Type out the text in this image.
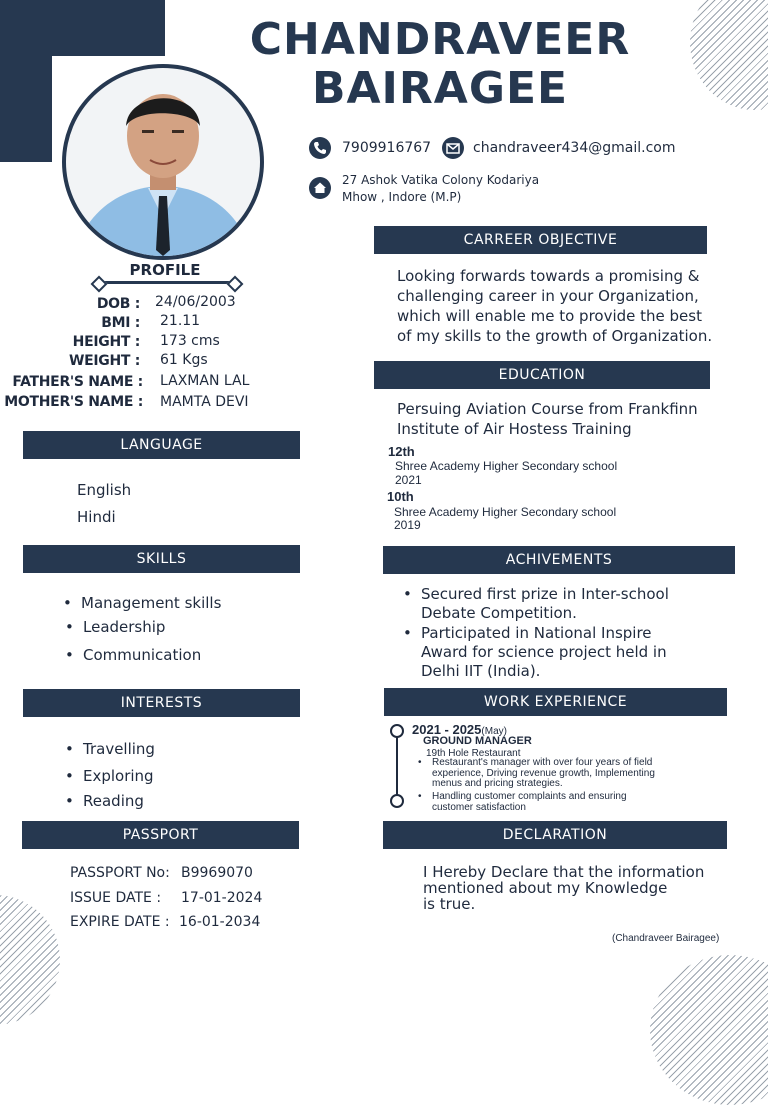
CHANDRAVEER
BAIRAGEE
7909916767	chandraveer434@gmail.com
27 Ashok Vatika Colony Kodariya
Mhow , Indore (M.P)
PROFILE
DOB : 24/06/2003
BMI : 21.11
HEIGHT : 173 cms
WEIGHT : 61 Kgs
FATHER'S NAME : LAXMAN LAL
MOTHER'S NAME : MAMTA DEVI
LANGUAGE
English
Hindi
SKILLS
• Management skills
• Leadership
• Communication
INTERESTS
• Travelling
• Exploring
• Reading
PASSPORT
PASSPORT No: B9969070
ISSUE DATE : 17-01-2024
EXPIRE DATE : 16-01-2034
CARREER OBJECTIVE
Looking forwards towards a promising &
challenging career in your Organization,
which will enable me to provide the best
of my skills to the growth of Organization.
EDUCATION
Persuing Aviation Course from Frankfinn
Institute of Air Hostess Training
12th
Shree Academy Higher Secondary school
2021
10th
Shree Academy Higher Secondary school
2019
ACHIVEMENTS
• Secured first prize in Inter-school
Debate Competition.
• Participated in National Inspire
Award for science project held in
Delhi IIT (India).
WORK EXPERIENCE
2021 - 2025(May)
GROUND MANAGER
19th Hole Restaurant
• Restaurant's manager with over four years of field
experience, Driving revenue growth, Implementing
menus and pricing strategies.
• Handling customer complaints and ensuring
customer satisfaction
DECLARATION
I Hereby Declare that the information
mentioned about my Knowledge
is true.
(Chandraveer Bairagee)
